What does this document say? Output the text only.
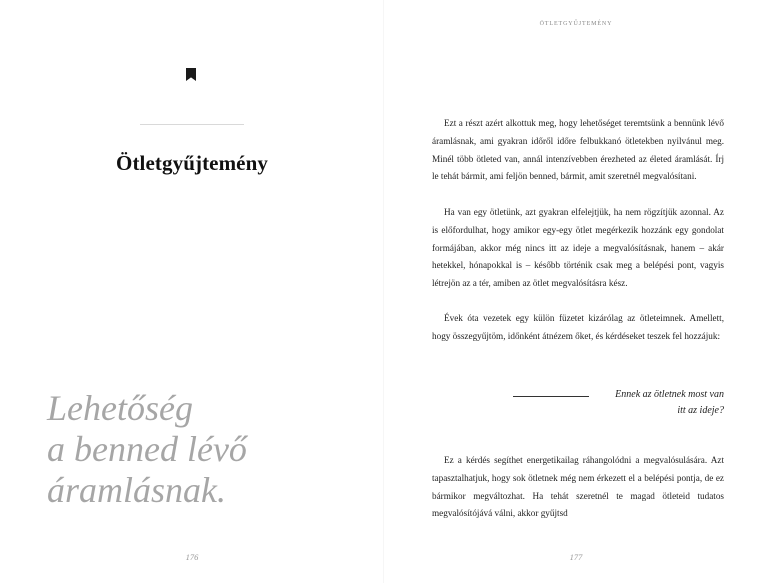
Ötletgyűjtemény
Lehetőség
a benned lévő
áramlásnak.
176
ÖTLETGYŰJTEMÉNY

Ezt a részt azért alkottuk meg, hogy lehetőséget teremtsünk a bennünk lévő áramlásnak, ami gyakran időről időre felbukkanó ötletekben nyilvánul meg. Minél több ötleted van, annál intenzívebben érezheted az életed áramlását. Írj le tehát bármit, ami feljön benned, bármit, amit szeretnél megvalósítani.

Ha van egy ötletünk, azt gyakran elfelejtjük, ha nem rögzítjük azonnal. Az is előfordulhat, hogy amikor egy-egy ötlet megérkezik hozzánk egy gondolat formájában, akkor még nincs itt az ideje a megvalósításnak, hanem – akár hetekkel, hónapokkal is – később történik csak meg a belépési pont, vagyis létrejön az a tér, amiben az ötlet megvalósításra kész.

Évek óta vezetek egy külön füzetet kizárólag az ötleteimnek. Amellett, hogy összegyűjtöm, időnként átnézem őket, és kérdéseket teszek fel hozzájuk:

Ennek az ötletnek most van
itt az ideje?

Ez a kérdés segíthet energetikailag ráhangolódni a megvalósulására. Azt tapasztalhatjuk, hogy sok ötletnek még nem érkezett el a belépési pontja, de ez bármikor megváltozhat. Ha tehát szeretnél te magad ötleteid tudatos megvalósítójává válni, akkor gyűjtsd

177
